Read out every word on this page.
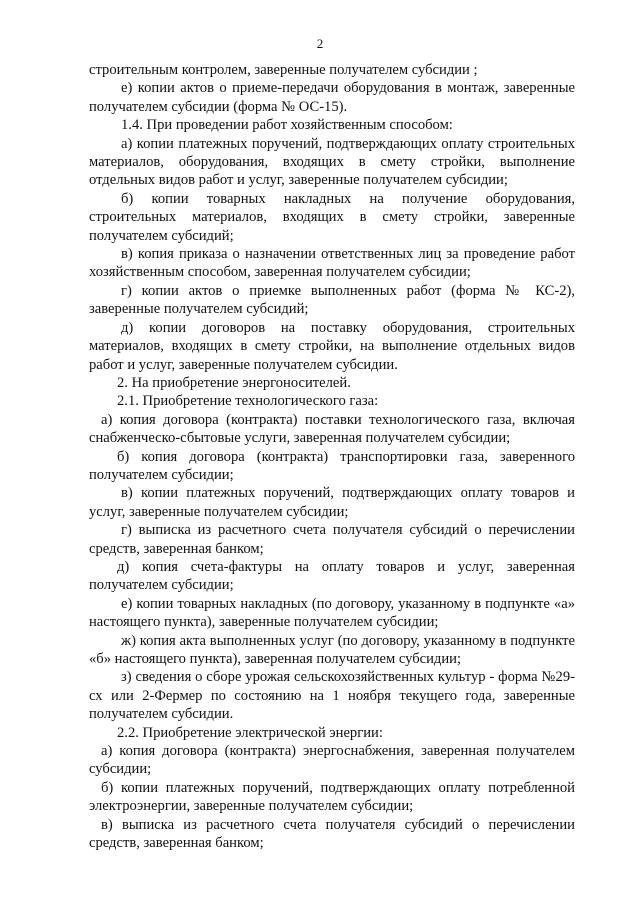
2

строительным контролем, заверенные получателем субсидии ;

е) копии актов о приеме-передачи оборудования в монтаж, заверенные получателем субсидии (форма № ОС-15).

1.4. При проведении работ хозяйственным способом:

а) копии платежных поручений, подтверждающих оплату строительных материалов, оборудования, входящих в смету стройки, выполнение отдельных видов работ и услуг, заверенные получателем субсидии;

б) копии товарных накладных на получение оборудования, строительных материалов, входящих в смету стройки, заверенные получателем субсидий;

в) копия приказа о назначении ответственных лиц за проведение работ хозяйственным способом, заверенная получателем субсидии;

г) копии актов о приемке выполненных работ (форма № КС-2), заверенные получателем субсидий;

д) копии договоров на поставку оборудования, строительных материалов, входящих в смету стройки, на выполнение отдельных видов работ и услуг, заверенные получателем субсидии.

2. На приобретение энергоносителей.

2.1. Приобретение технологического газа:

а) копия договора (контракта) поставки технологического газа, включая снабженческо-сбытовые услуги, заверенная получателем субсидии;

б) копия договора (контракта) транспортировки газа, заверенного получателем субсидии;

в) копии платежных поручений, подтверждающих оплату товаров и услуг, заверенные получателем субсидии;

г) выписка из расчетного счета получателя субсидий о перечислении средств, заверенная банком;

д) копия счета-фактуры на оплату товаров и услуг, заверенная получателем субсидии;

е) копии товарных накладных (по договору, указанному в подпункте «а» настоящего пункта), заверенные получателем субсидии;

ж) копия акта выполненных услуг (по договору, указанному в подпункте «б» настоящего пункта), заверенная получателем субсидии;

з) сведения о сборе урожая сельскохозяйственных культур - форма №29-сх или 2-Фермер по состоянию на 1 ноября текущего года, заверенные получателем субсидии.

2.2. Приобретение электрической энергии:

а) копия договора (контракта) энергоснабжения, заверенная получателем субсидии;

б) копии платежных поручений, подтверждающих оплату потребленной электроэнергии, заверенные получателем субсидии;

в) выписка из расчетного счета получателя субсидий о перечислении средств, заверенная банком;
